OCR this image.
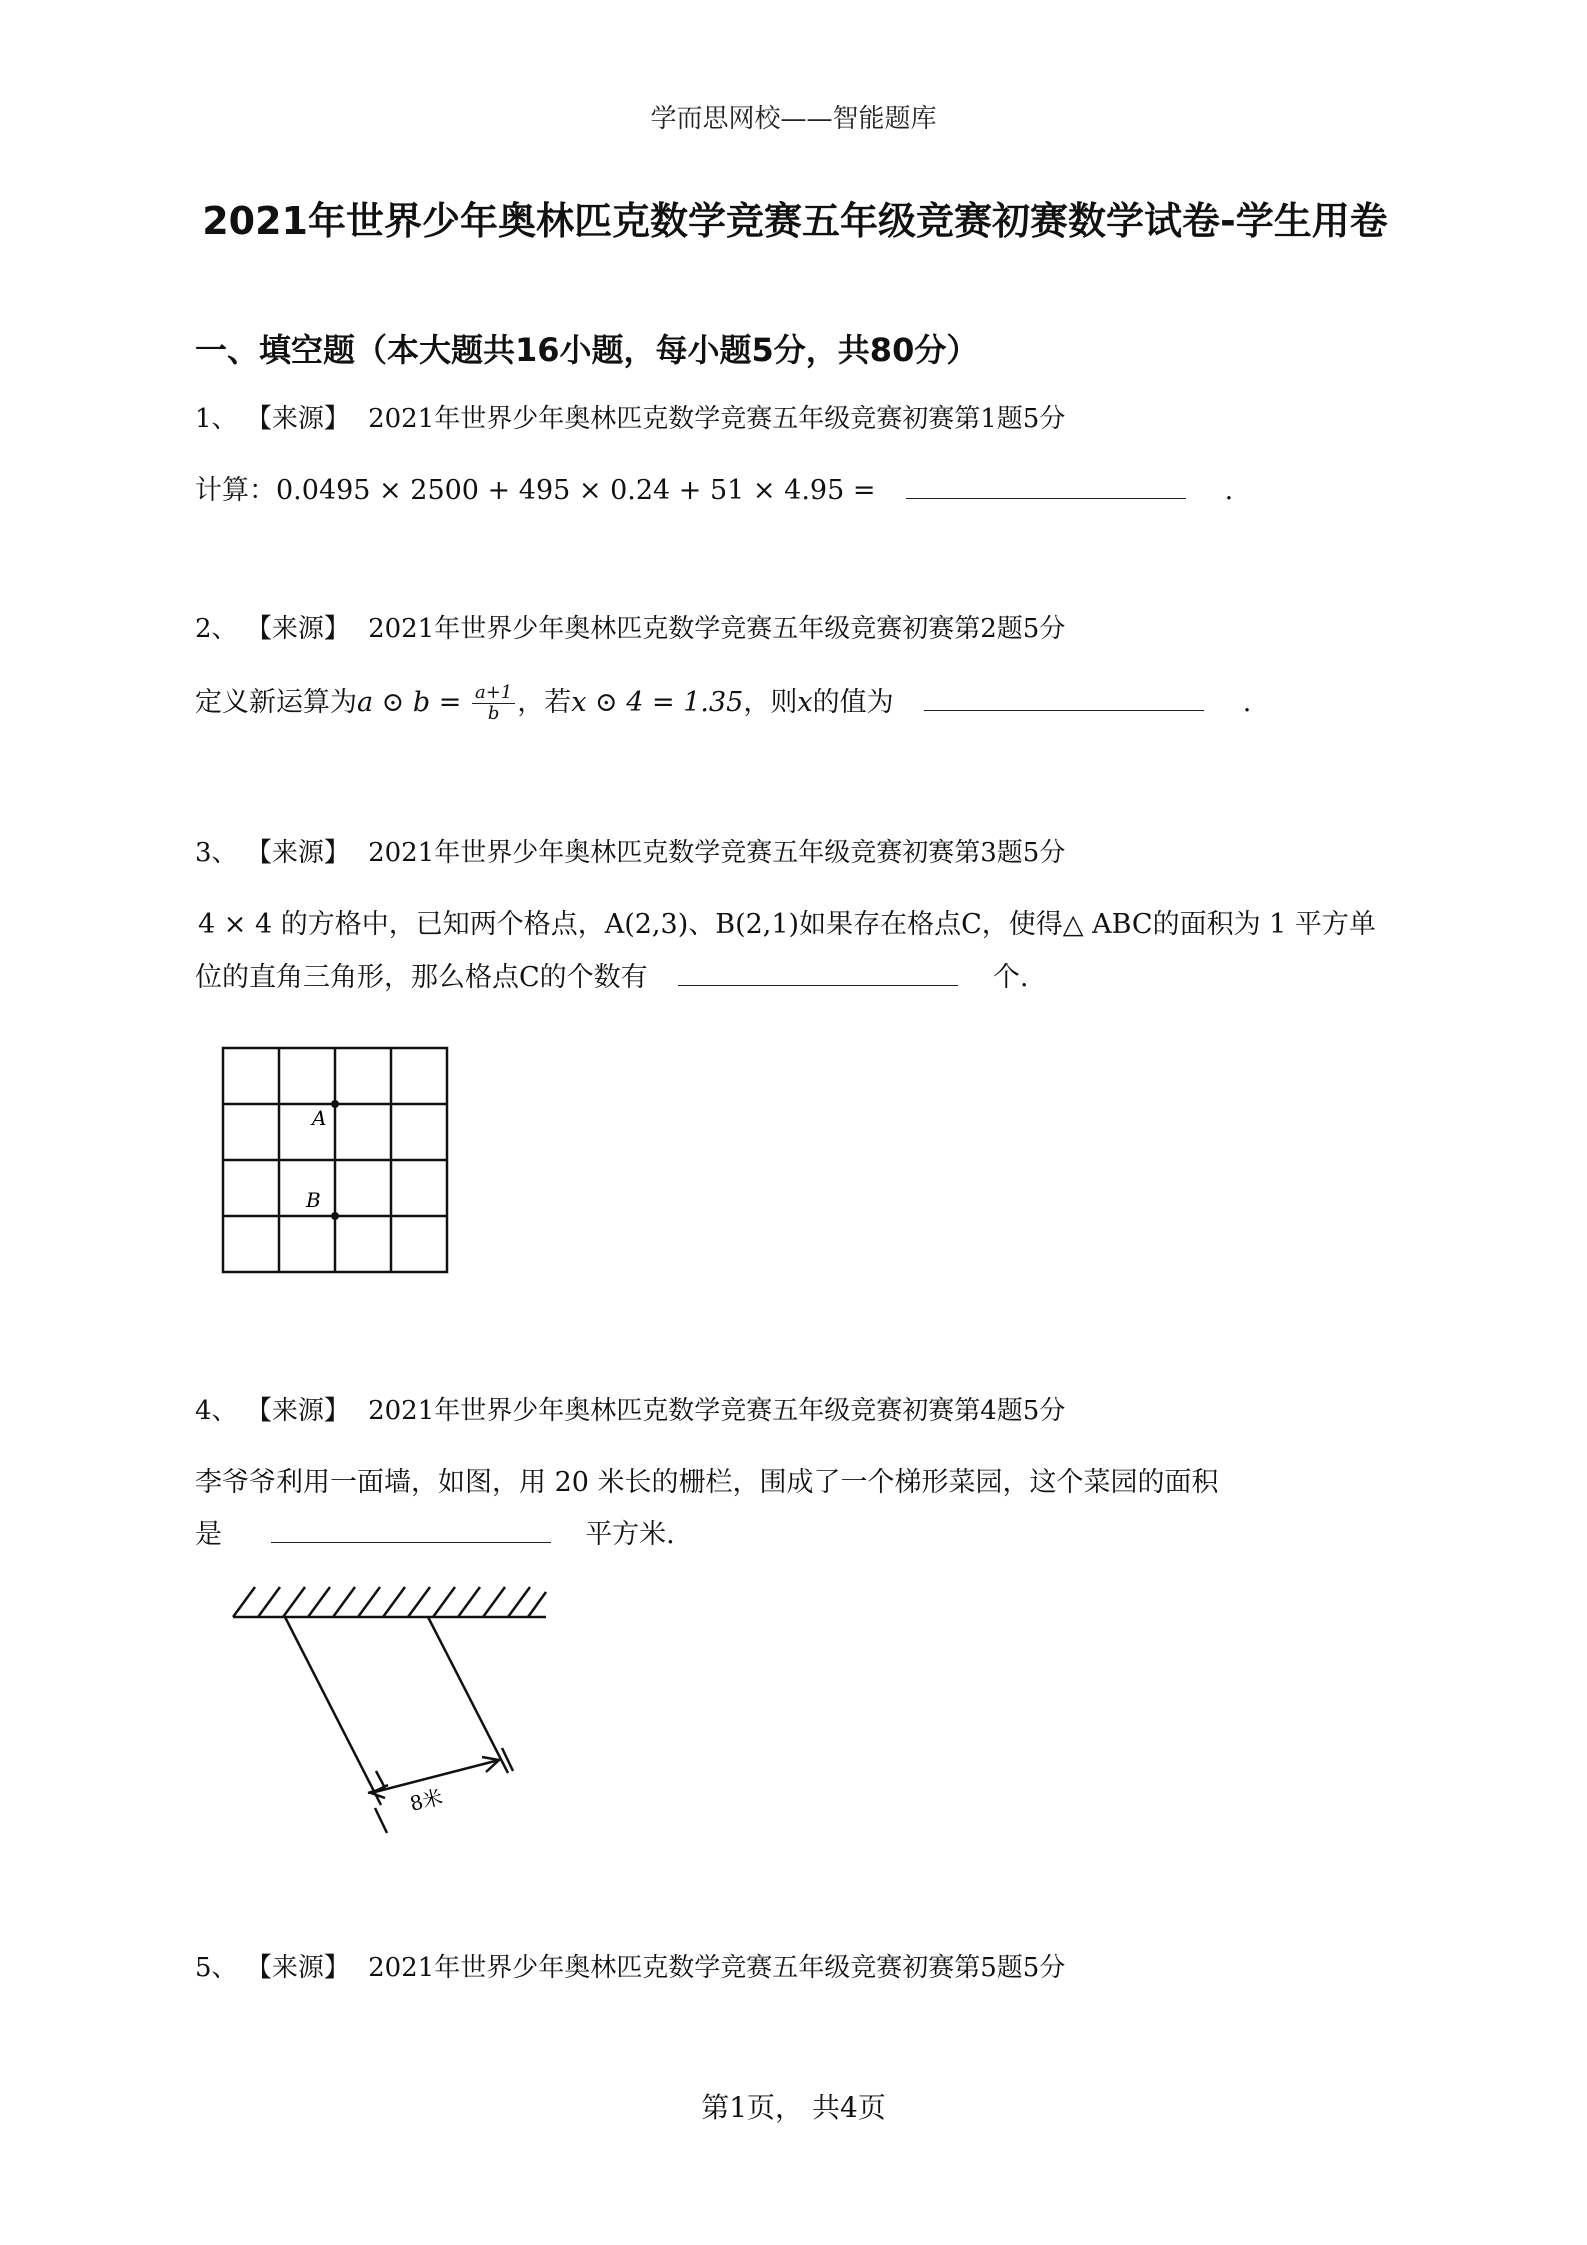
学而思网校——智能题库
2021年世界少年奥林匹克数学竞赛五年级竞赛初赛数学试卷-学生用卷
一、填空题（本大题共16小题，每小题5分，共80分）
1、 【来源】 2021年世界少年奥林匹克数学竞赛五年级竞赛初赛第1题5分
计算：0.0495 × 2500 + 495 × 0.24 + 51 × 4.95 =	.
2、 【来源】 2021年世界少年奥林匹克数学竞赛五年级竞赛初赛第2题5分
定义新运算为a ⊙ $b = \frac{a+1}{b}$ ，若x ⊙ 4 = 1.35，则x的值为	.
3、 【来源】 2021年世界少年奥林匹克数学竞赛五年级竞赛初赛第3题5分
4 × 4 的方格中，已知两个格点，A(2,3)、B(2,1)如果存在格点C，使得△ ABC的面积为 1 平方单
位的直角三角形，那么格点C的个数有	个.
A
B
4、 【来源】 2021年世界少年奥林匹克数学竞赛五年级竞赛初赛第4题5分
李爷爷利用一面墙，如图，用 20 米长的栅栏，围成了一个梯形菜园，这个菜园的面积
是	平方米.
8米
5、 【来源】 2021年世界少年奥林匹克数学竞赛五年级竞赛初赛第5题5分
第1页， 共4页
